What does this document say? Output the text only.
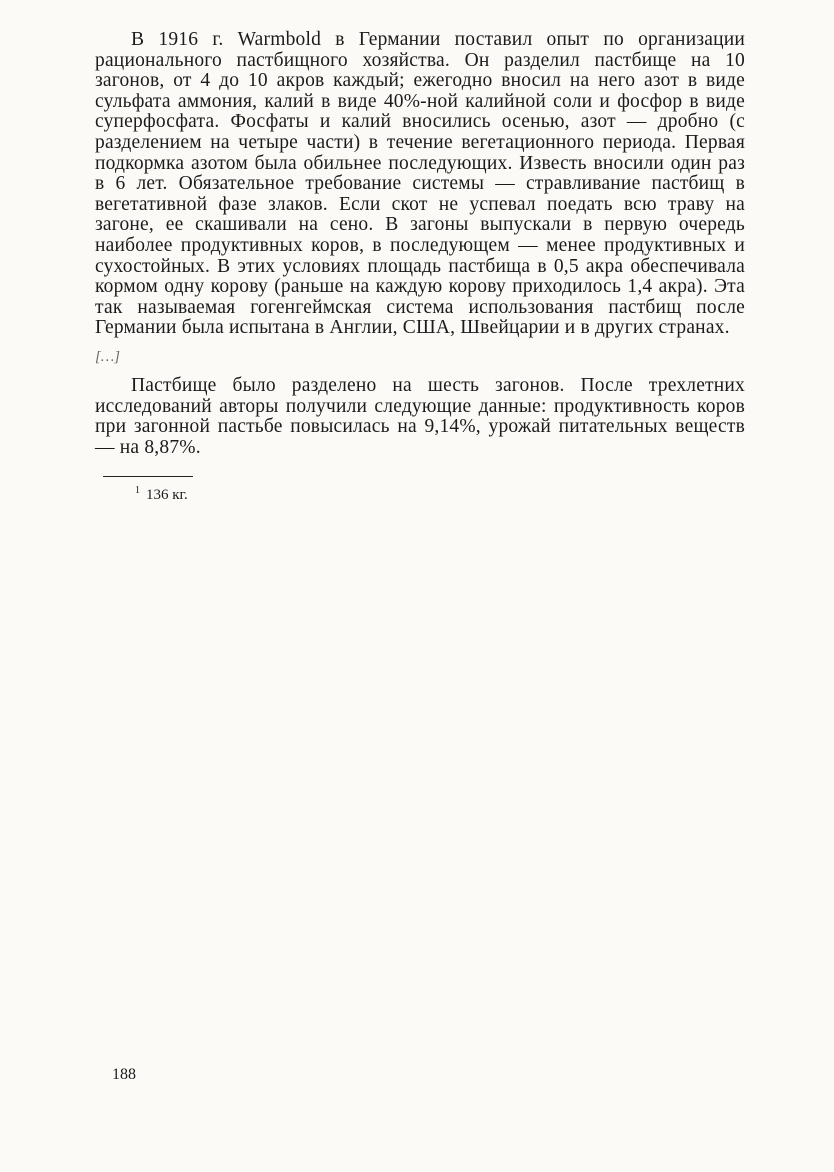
В 1916 г. Warmbold в Германии поставил опыт по организации рационального пастбищного хозяйства. Он разделил пастбище на 10 загонов, от 4 до 10 акров каждый; ежегодно вносил на него азот в виде сульфата аммония, калий в виде 40%-ной калийной соли и фосфор в виде суперфосфата. Фосфаты и калий вносились осенью, азот — дробно (с разделением на четыре части) в течение вегетационного периода. Первая подкормка азотом была обильнее последующих. Известь вносили один раз в 6 лет. Обязательное требование системы — стравливание пастбищ в вегетативной фазе злаков. Если скот не успевал поедать всю траву на загоне, ее скашивали на сено. В загоны выпускали в первую очередь наиболее продуктивных коров, в последующем — менее продуктивных и сухостойных. В этих условиях площадь пастбища в 0,5 акра обеспечивала кормом одну корову (раньше на каждую корову приходилось 1,4 акра). Эта так называемая гогенгеймская система использования пастбищ после Германии была испытана в Англии, США, Швейцарии и в других странах.

[…]

Пастбище было разделено на шесть загонов. После трехлетних исследований авторы получили следующие данные: продуктивность коров при загонной пастьбе повысилась на 9,14%, урожай питательных веществ — на 8,87%.

$^1$ 136 кг.

188
